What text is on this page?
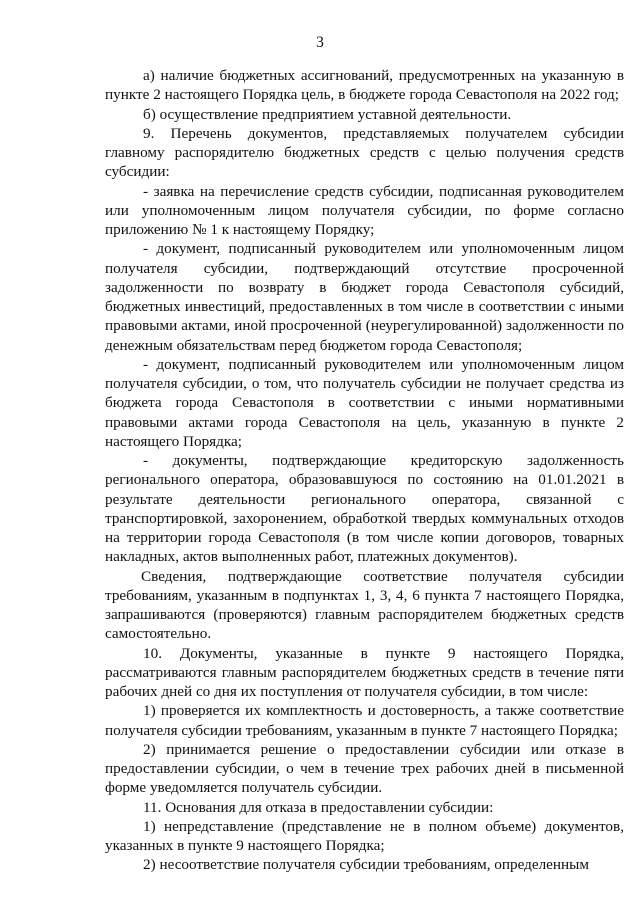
3

а) наличие бюджетных ассигнований, предусмотренных на указанную в пункте 2 настоящего Порядка цель, в бюджете города Севастополя на 2022 год;

б) осуществление предприятием уставной деятельности.

9. Перечень документов, представляемых получателем субсидии главному распорядителю бюджетных средств с целью получения средств субсидии:

- заявка на перечисление средств субсидии, подписанная руководителем или уполномоченным лицом получателя субсидии, по форме согласно приложению № 1 к настоящему Порядку;

- документ, подписанный руководителем или уполномоченным лицом получателя субсидии, подтверждающий отсутствие просроченной задолженности по возврату в бюджет города Севастополя субсидий, бюджетных инвестиций, предоставленных в том числе в соответствии с иными правовыми актами, иной просроченной (неурегулированной) задолженности по денежным обязательствам перед бюджетом города Севастополя;

- документ, подписанный руководителем или уполномоченным лицом получателя субсидии, о том, что получатель субсидии не получает средства из бюджета города Севастополя в соответствии с иными нормативными правовыми актами города Севастополя на цель, указанную в пункте 2 настоящего Порядка;

- документы, подтверждающие кредиторскую задолженность регионального оператора, образовавшуюся по состоянию на 01.01.2021 в результате деятельности регионального оператора, связанной с транспортировкой, захоронением, обработкой твердых коммунальных отходов на территории города Севастополя (в том числе копии договоров, товарных накладных, актов выполненных работ, платежных документов).

Сведения, подтверждающие соответствие получателя субсидии требованиям, указанным в подпунктах 1, 3, 4, 6 пункта 7 настоящего Порядка, запрашиваются (проверяются) главным распорядителем бюджетных средств самостоятельно.

10. Документы, указанные в пункте 9 настоящего Порядка, рассматриваются главным распорядителем бюджетных средств в течение пяти рабочих дней со дня их поступления от получателя субсидии, в том числе:

1) проверяется их комплектность и достоверность, а также соответствие получателя субсидии требованиям, указанным в пункте 7 настоящего Порядка;

2) принимается решение о предоставлении субсидии или отказе в предоставлении субсидии, о чем в течение трех рабочих дней в письменной форме уведомляется получатель субсидии.

11. Основания для отказа в предоставлении субсидии:

1) непредставление (представление не в полном объеме) документов, указанных в пункте 9 настоящего Порядка;

2) несоответствие получателя субсидии требованиям, определенным
